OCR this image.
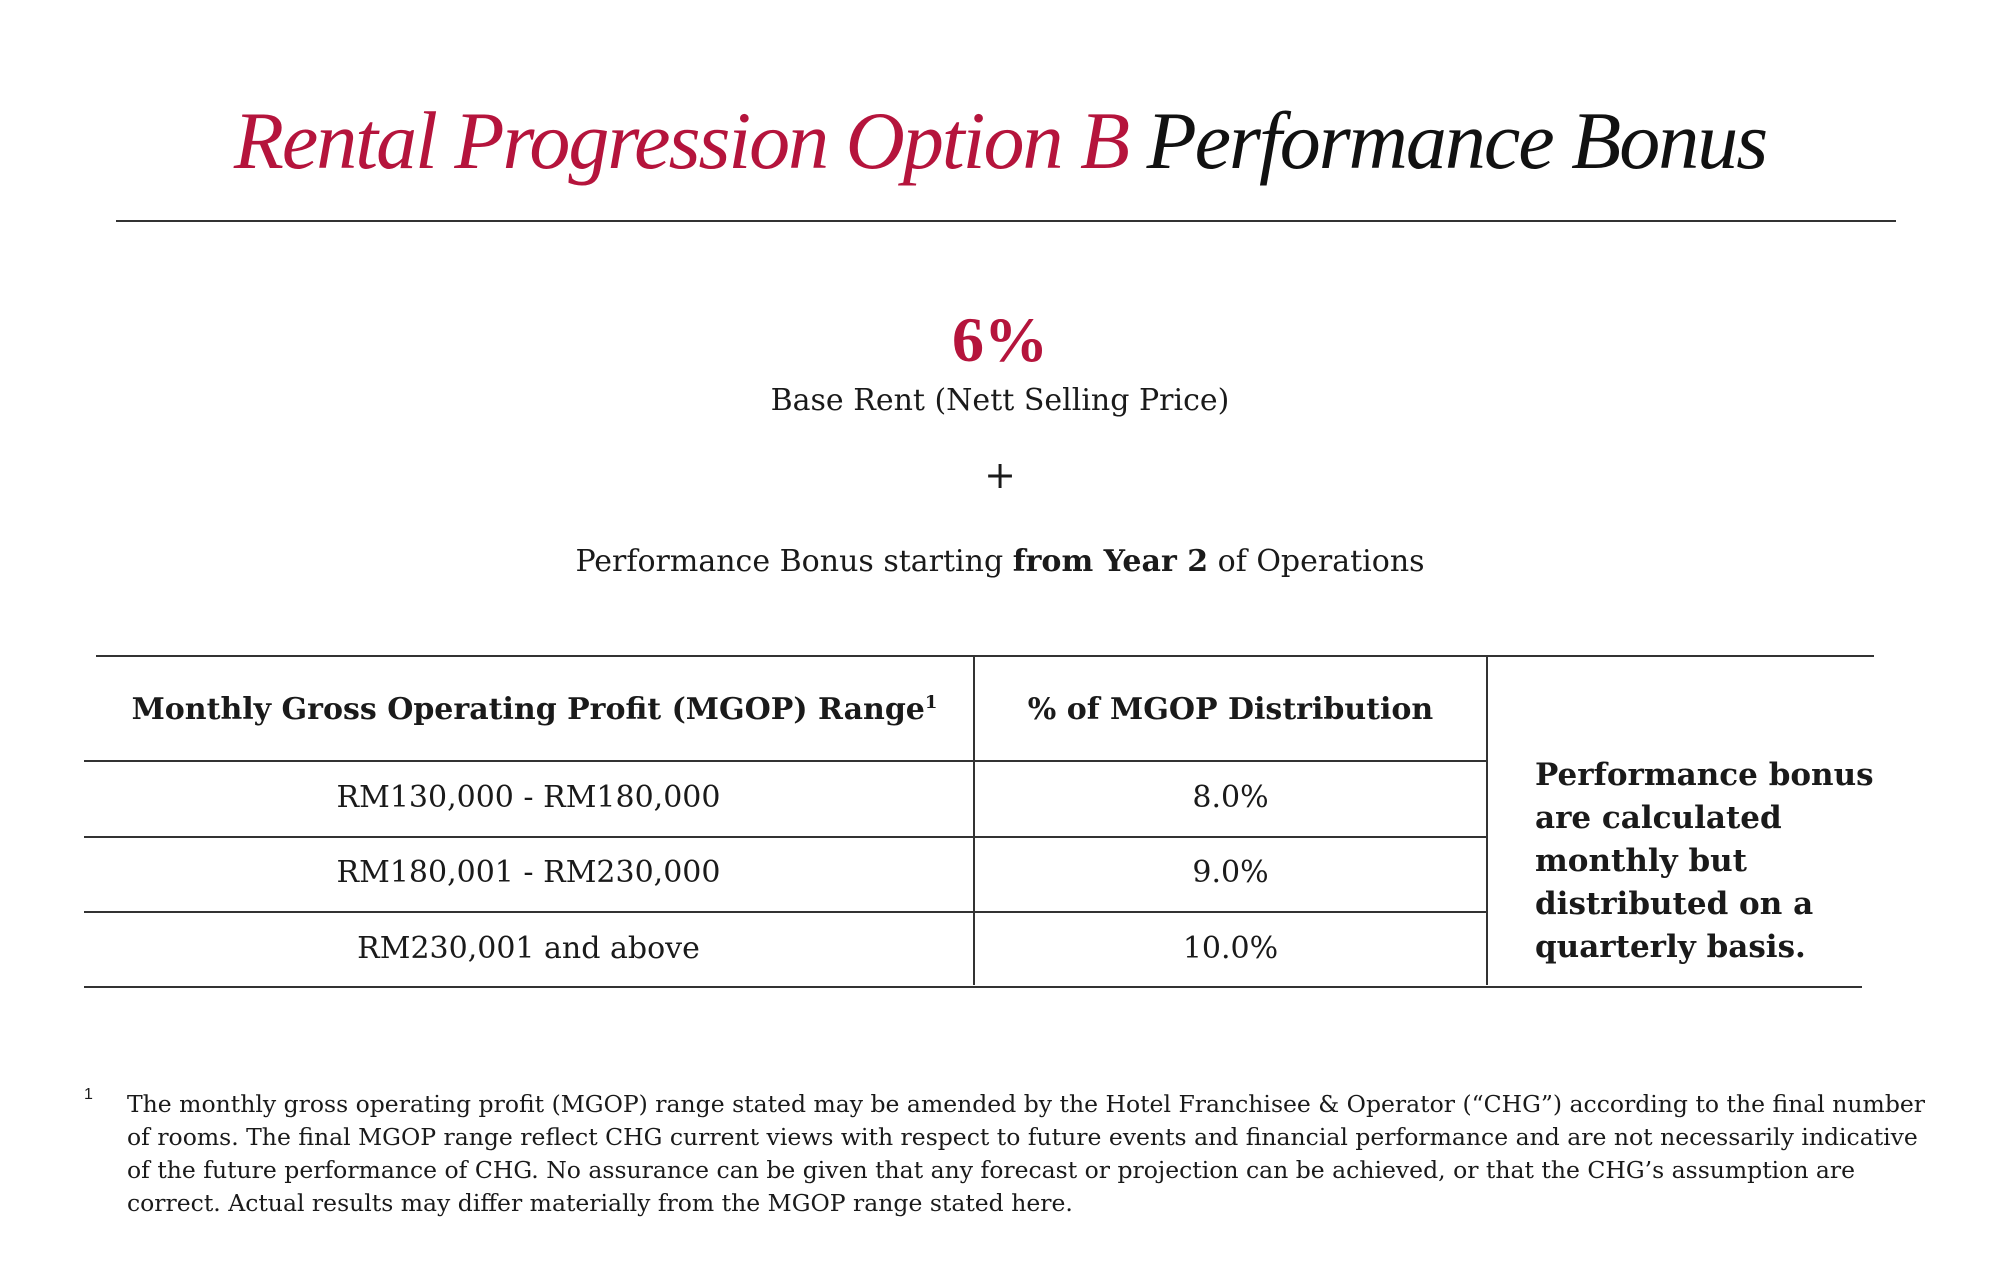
Rental Progression Option B Performance Bonus
6%
Base Rent (Nett Selling Price)
+
Performance Bonus starting from Year 2 of Operations
Monthly Gross Operating Profit (MGOP) Range$^1$	% of MGOP Distribution
RM130,000 - RM180,000	8.0%
RM180,001 - RM230,000	9.0%
RM230,001 and above	10.0%
Performance bonus are calculated monthly but distributed on a quarterly basis.
1 The monthly gross operating profit (MGOP) range stated may be amended by the Hotel Franchisee & Operator (“CHG”) according to the final number of rooms. The final MGOP range reflect CHG current views with respect to future events and financial performance and are not necessarily indicative of the future performance of CHG. No assurance can be given that any forecast or projection can be achieved, or that the CHG’s assumption are correct. Actual results may differ materially from the MGOP range stated here.
